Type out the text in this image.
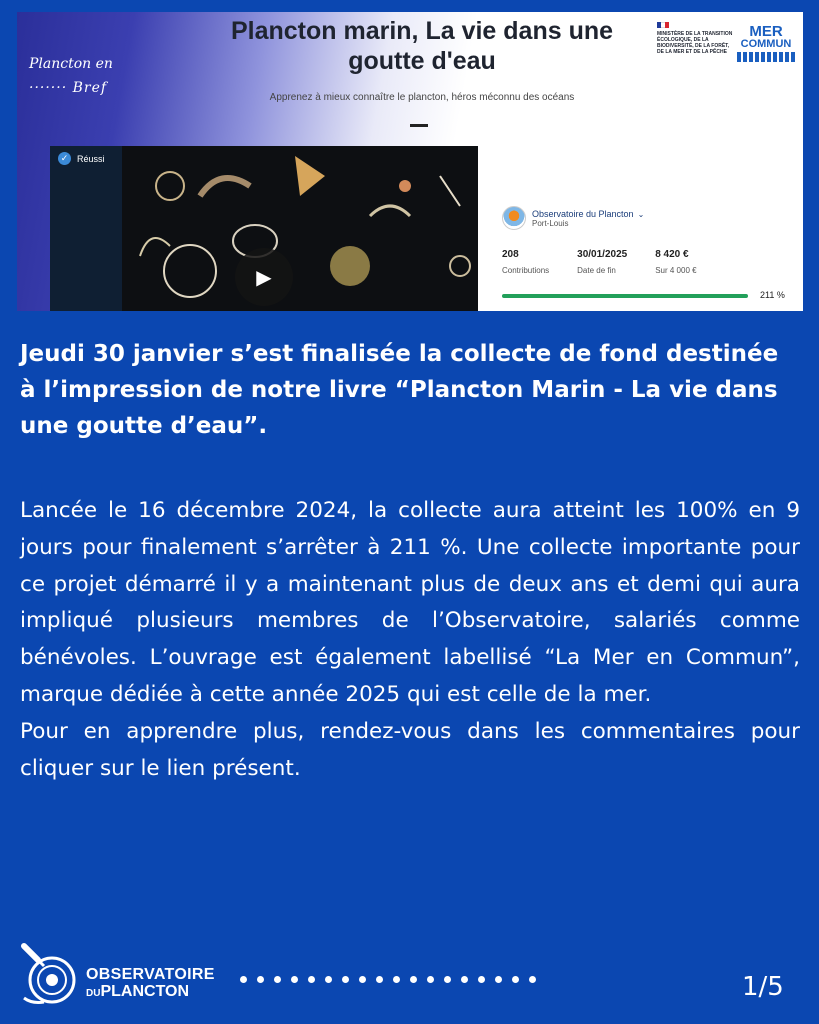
Plancton en
······· Bref
Plancton marin, La vie dans une goutte d'eau
Apprenez à mieux connaître le plancton, héros méconnu des océans
MINISTÈRE DE LA TRANSITION ÉCOLOGIQUE, DE LA BIODIVERSITÉ, DE LA FORÊT, DE LA MER ET DE LA PÊCHE
MER
COMMUN
✓ Réussi
▶
Observatoire du Plancton ⌄
Port-Louis
208
Contributions
30/01/2025
Date de fin
8 420 €
Sur 4 000 €
211 %
Jeudi 30 janvier s’est finalisée la collecte de fond destinée à l’impression de notre livre “Plancton Marin - La vie dans une goutte d’eau”.

Lancée le 16 décembre 2024, la collecte aura atteint les 100% en 9 jours pour finalement s’arrêter à 211 %. Une collecte importante pour ce projet démarré il y a maintenant plus de deux ans et demi qui aura impliqué plusieurs membres de l’Observatoire, salariés comme bénévoles. L’ouvrage est également labellisé “La Mer en Commun”, marque dédiée à cette année 2025 qui est celle de la mer.

Pour en apprendre plus, rendez-vous dans les commentaires pour cliquer sur le lien présent.

OBSERVATOIRE
DUPLANCTON	1/5
